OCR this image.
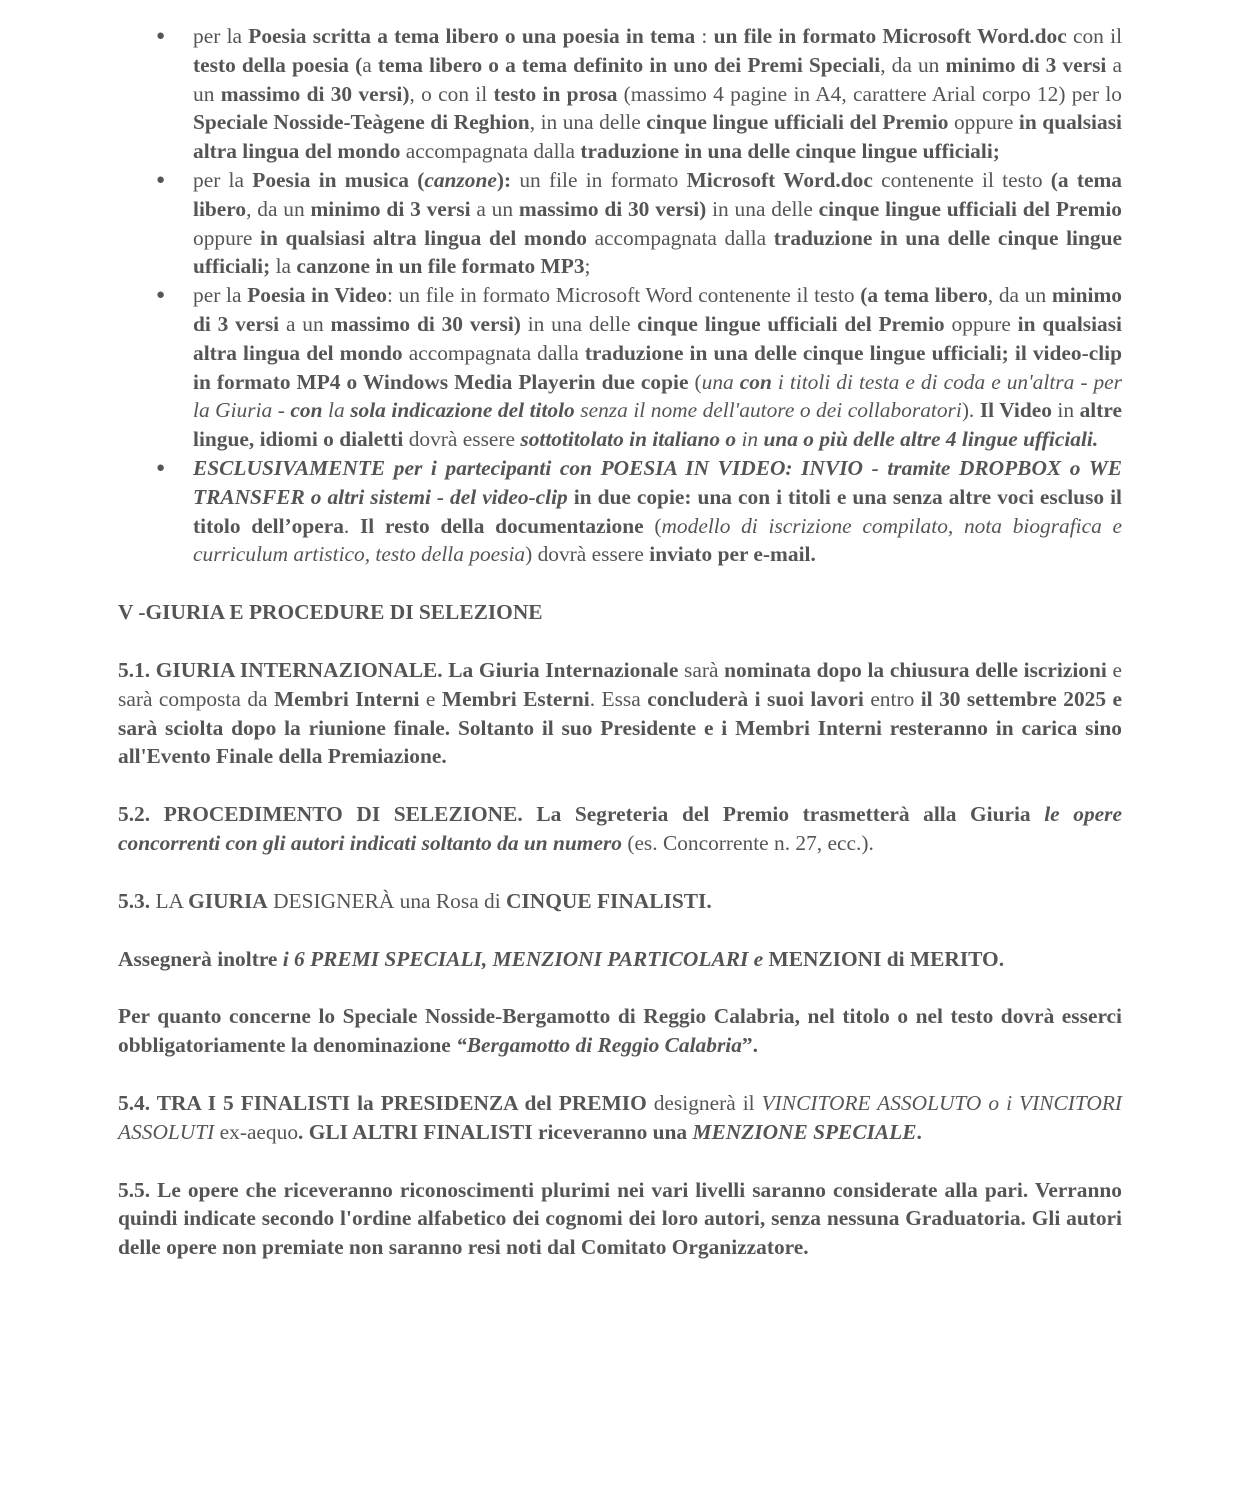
● per la Poesia scritta a tema libero o una poesia in tema : un file in formato Microsoft Word.doc con il testo della poesia (a tema libero o a tema definito in uno dei Premi Speciali, da un minimo di 3 versi a un massimo di 30 versi), o con il testo in prosa (massimo 4 pagine in A4, carattere Arial corpo 12) per lo Speciale Nosside-Teàgene di Reghion, in una delle cinque lingue ufficiali del Premio oppure in qualsiasi altra lingua del mondo accompagnata dalla traduzione in una delle cinque lingue ufficiali;
● per la Poesia in musica (canzone): un file in formato Microsoft Word.doc contenente il testo (a tema libero, da un minimo di 3 versi a un massimo di 30 versi) in una delle cinque lingue ufficiali del Premio oppure in qualsiasi altra lingua del mondo accompagnata dalla traduzione in una delle cinque lingue ufficiali; la canzone in un file formato MP3;
● per la Poesia in Video: un file in formato Microsoft Word contenente il testo (a tema libero, da un minimo di 3 versi a un massimo di 30 versi) in una delle cinque lingue ufficiali del Premio oppure in qualsiasi altra lingua del mondo accompagnata dalla traduzione in una delle cinque lingue ufficiali; il video-clip in formato MP4 o Windows Media Playerin due copie (una con i titoli di testa e di coda e un'altra - per la Giuria - con la sola indicazione del titolo senza il nome dell'autore o dei collaboratori). Il Video in altre lingue, idiomi o dialetti dovrà essere sottotitolato in italiano o in una o più delle altre 4 lingue ufficiali.
● ESCLUSIVAMENTE per i partecipanti con POESIA IN VIDEO: INVIO - tramite DROPBOX o WE TRANSFER o altri sistemi - del video-clip in due copie: una con i titoli e una senza altre voci escluso il titolo dell’opera. Il resto della documentazione (modello di iscrizione compilato, nota biografica e curriculum artistico, testo della poesia) dovrà essere inviato per e-mail.

V -GIURIA E PROCEDURE DI SELEZIONE

5.1. GIURIA INTERNAZIONALE. La Giuria Internazionale sarà nominata dopo la chiusura delle iscrizioni e sarà composta da Membri Interni e Membri Esterni. Essa concluderà i suoi lavori entro il 30 settembre 2025 e sarà sciolta dopo la riunione finale. Soltanto il suo Presidente e i Membri Interni resteranno in carica sino all'Evento Finale della Premiazione.

5.2. PROCEDIMENTO DI SELEZIONE. La Segreteria del Premio trasmetterà alla Giuria le opere concorrenti con gli autori indicati soltanto da un numero (es. Concorrente n. 27, ecc.).

5.3. LA GIURIA DESIGNERÀ una Rosa di CINQUE FINALISTI.

Assegnerà inoltre i 6 PREMI SPECIALI, MENZIONI PARTICOLARI e MENZIONI di MERITO.

Per quanto concerne lo Speciale Nosside-Bergamotto di Reggio Calabria, nel titolo o nel testo dovrà esserci obbligatoriamente la denominazione “Bergamotto di Reggio Calabria”.

5.4. TRA I 5 FINALISTI la PRESIDENZA del PREMIO designerà il VINCITORE ASSOLUTO o i VINCITORI ASSOLUTI ex-aequo. GLI ALTRI FINALISTI riceveranno una MENZIONE SPECIALE.

5.5. Le opere che riceveranno riconoscimenti plurimi nei vari livelli saranno considerate alla pari. Verranno quindi indicate secondo l'ordine alfabetico dei cognomi dei loro autori, senza nessuna Graduatoria. Gli autori delle opere non premiate non saranno resi noti dal Comitato Organizzatore.
